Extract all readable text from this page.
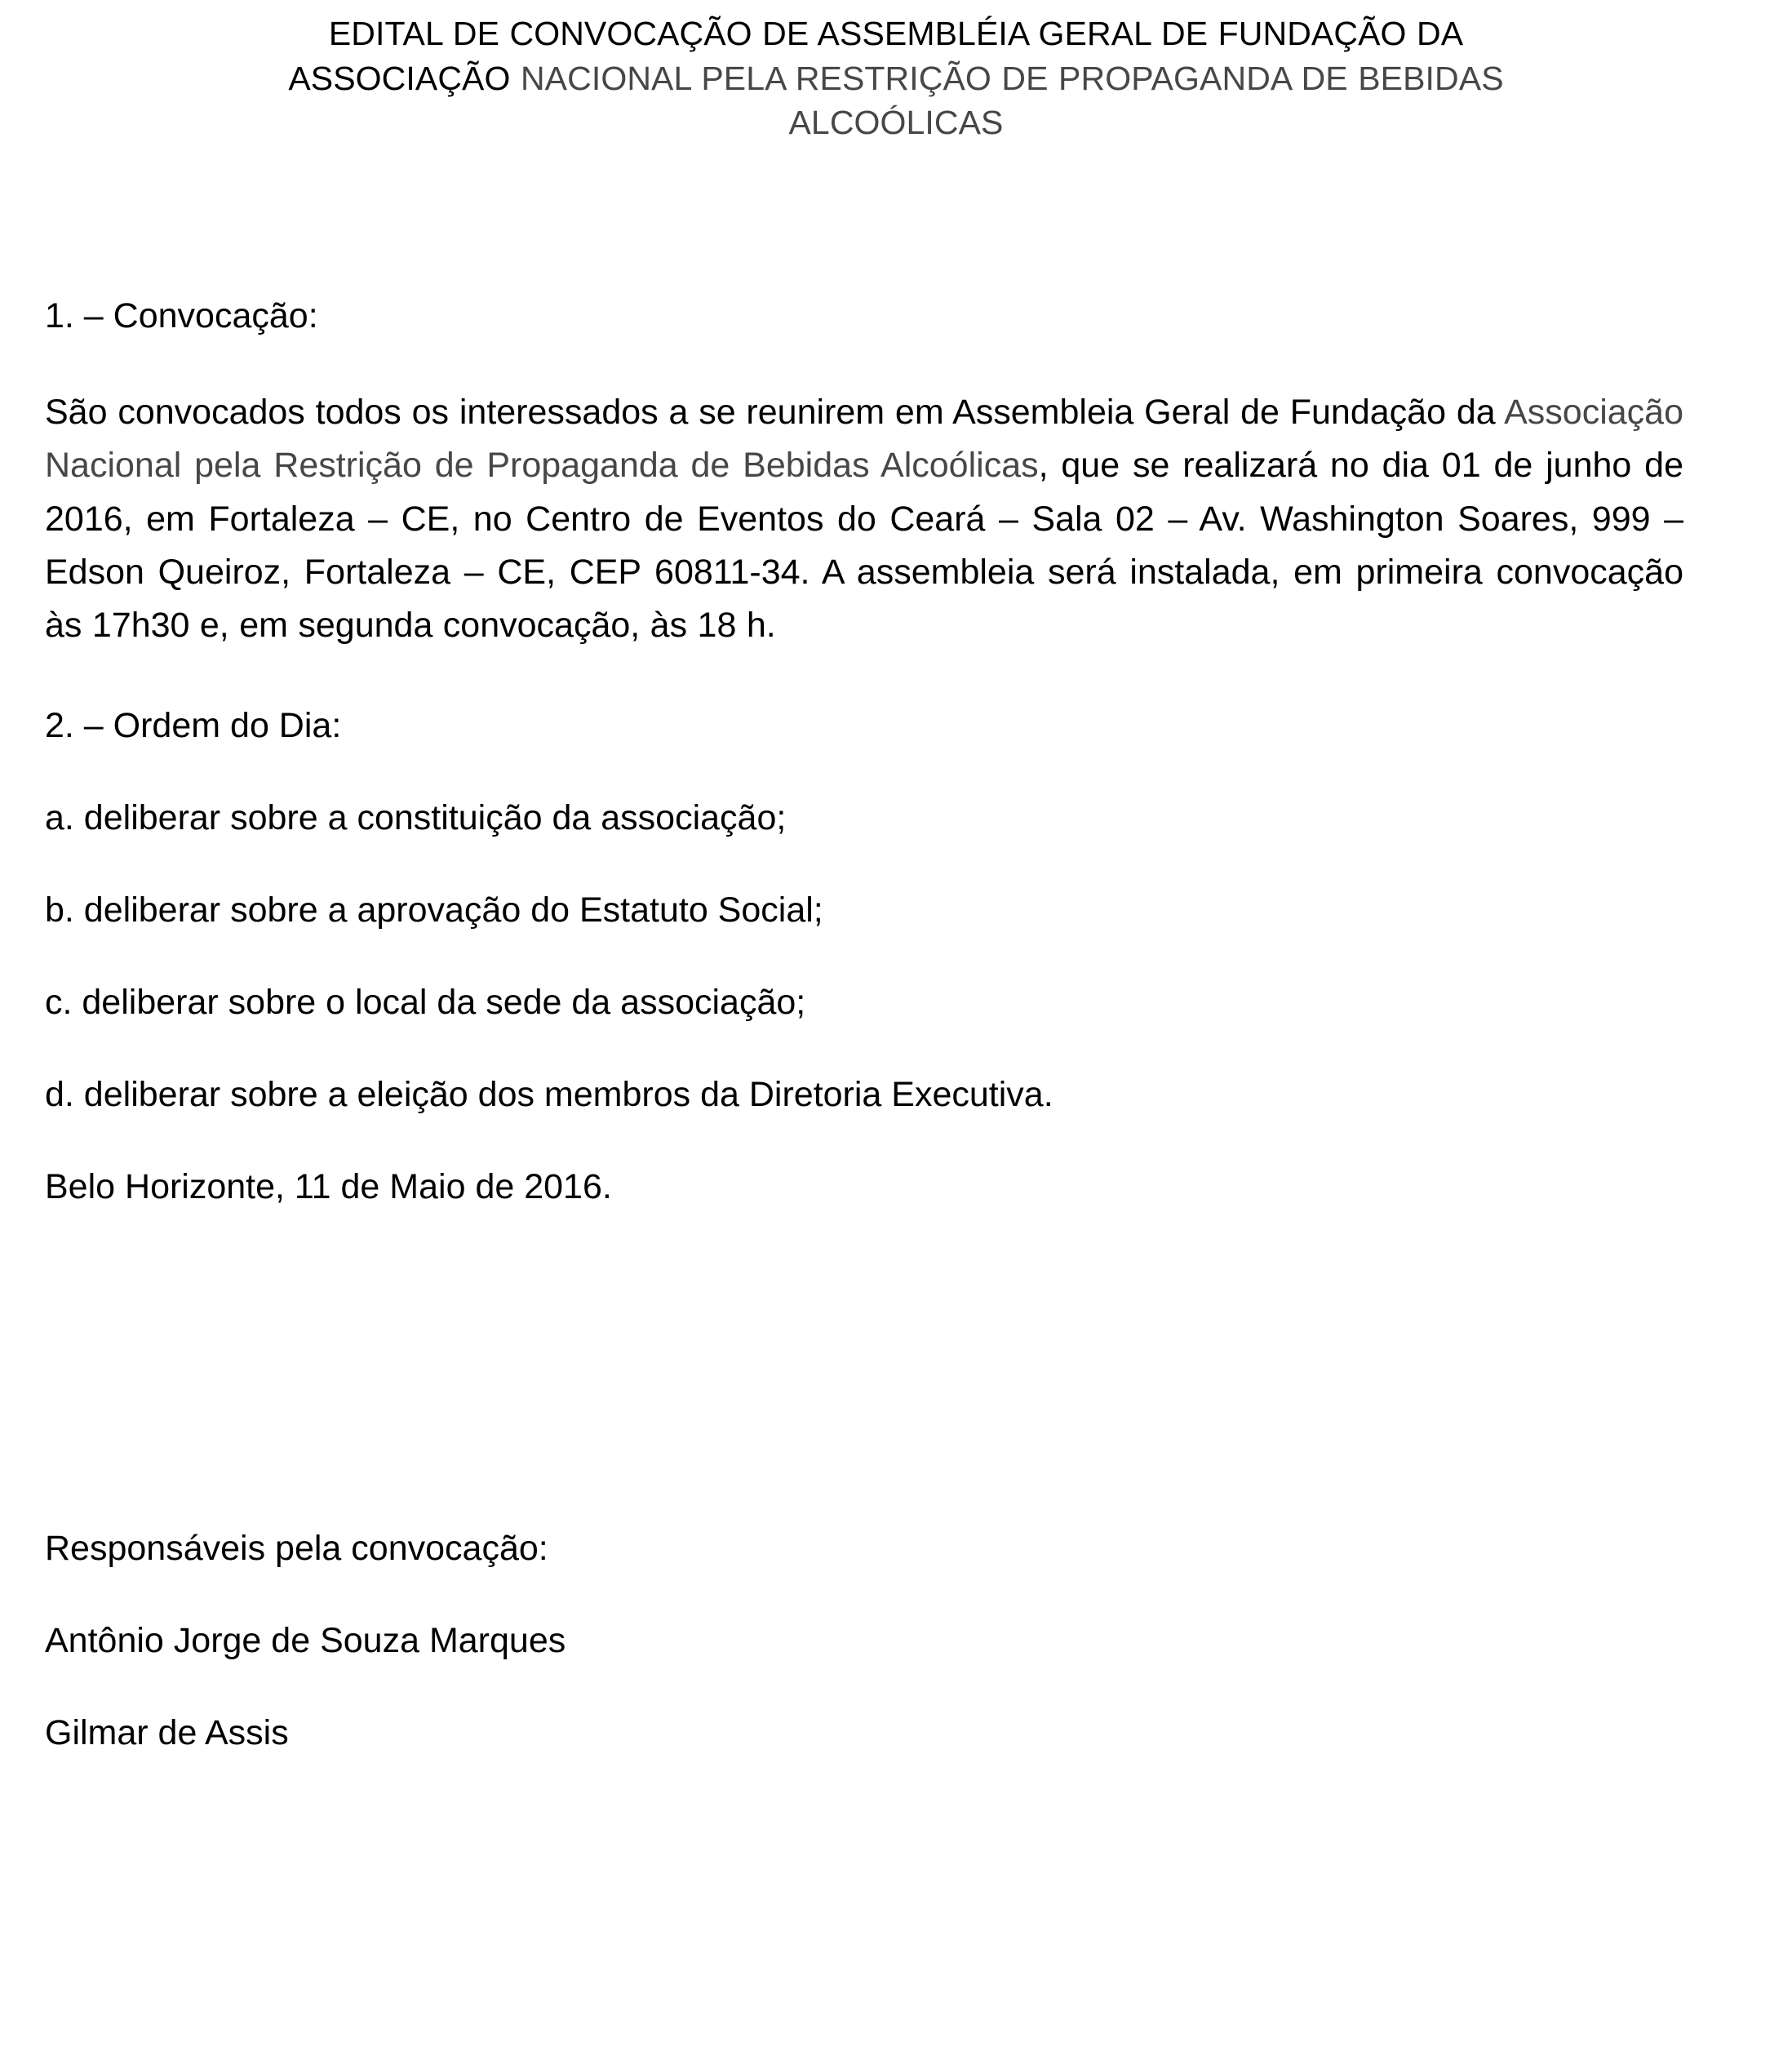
EDITAL DE CONVOCAÇÃO DE ASSEMBLÉIA GERAL DE FUNDAÇÃO DA
ASSOCIAÇÃO NACIONAL PELA RESTRIÇÃO DE PROPAGANDA DE BEBIDAS
ALCOÓLICAS

1. – Convocação:

São convocados todos os interessados a se reunirem em Assembleia Geral de Fundação da Associação Nacional pela Restrição de Propaganda de Bebidas Alcoólicas, que se realizará no dia 01 de junho de 2016, em Fortaleza – CE, no Centro de Eventos do Ceará – Sala 02 – Av. Washington Soares, 999 – Edson Queiroz, Fortaleza – CE, CEP 60811-34. A assembleia será instalada, em primeira convocação às 17h30 e, em segunda convocação, às 18 h.

2. – Ordem do Dia:

a. deliberar sobre a constituição da associação;

b. deliberar sobre a aprovação do Estatuto Social;

c. deliberar sobre o local da sede da associação;

d. deliberar sobre a eleição dos membros da Diretoria Executiva.

Belo Horizonte, 11 de Maio de 2016.

Responsáveis pela convocação:

Antônio Jorge de Souza Marques

Gilmar de Assis
